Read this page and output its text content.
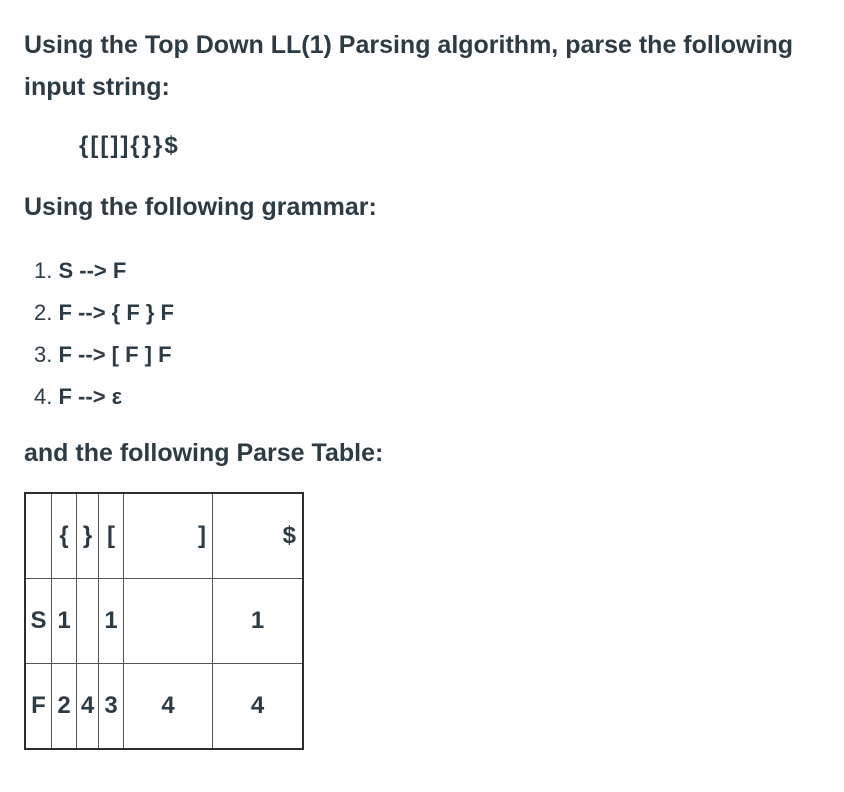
Using the Top Down LL(1) Parsing algorithm, parse the following input string:

{[[]]{}}$

Using the following grammar:

1. S --> F
2. F --> { F } F
3. F --> [ F ] F
4. F --> ε

and the following Parse Table:

	{	}	[	]	$
S	1		1		1
F	2	4	3	4	4
